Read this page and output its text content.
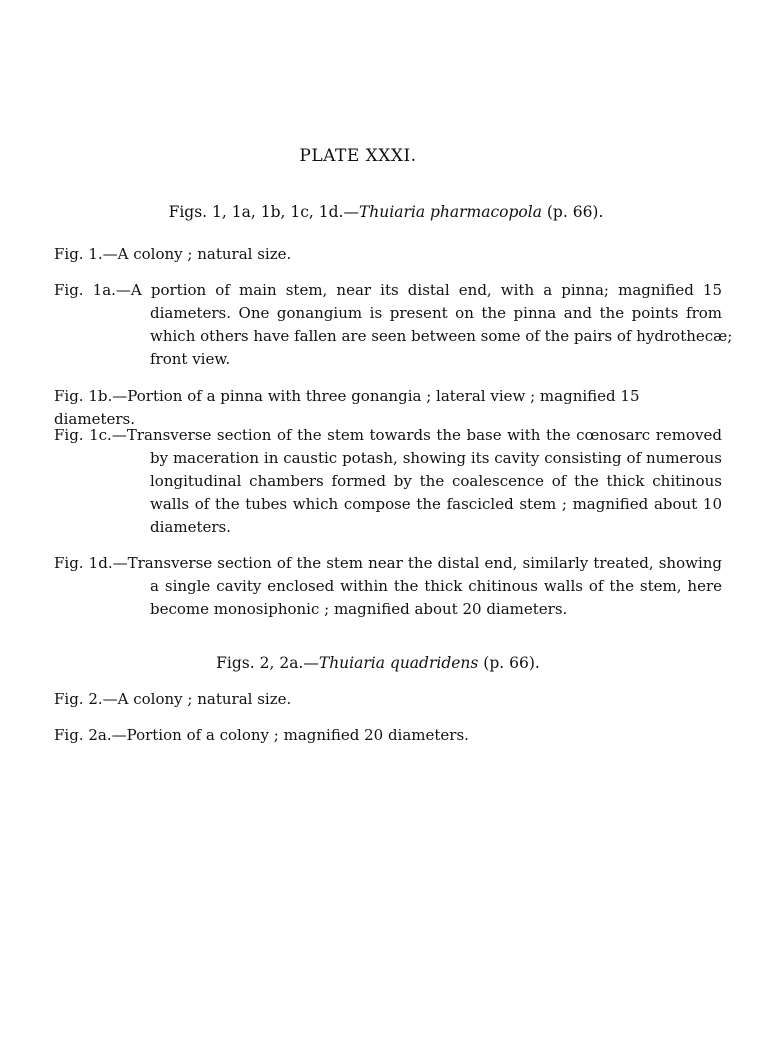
PLATE XXXI.
Figs. 1, 1a, 1b, 1c, 1d.—Thuiaria pharmacopola (p. 66).
Fig. 1.—A colony ; natural size.
Fig. 1a.—A portion of main stem, near its distal end, with a pinna; magnified 15
diameters. One gonangium is present on the pinna and the points from
which others have fallen are seen between some of the pairs of hydrothecæ;
front view.
Fig. 1b.—Portion of a pinna with three gonangia ; lateral view ; magnified 15 diameters.
Fig. 1c.—Transverse section of the stem towards the base with the cœnosarc removed
by maceration in caustic potash, showing its cavity consisting of numerous
longitudinal chambers formed by the coalescence of the thick chitinous
walls of the tubes which compose the fascicled stem ; magnified about 10
diameters.
Fig. 1d.—Transverse section of the stem near the distal end, similarly treated, showing
a single cavity enclosed within the thick chitinous walls of the stem, here
become monosiphonic ; magnified about 20 diameters.
Figs. 2, 2a.—Thuiaria quadridens (p. 66).
Fig. 2.—A colony ; natural size.
Fig. 2a.—Portion of a colony ; magnified 20 diameters.
